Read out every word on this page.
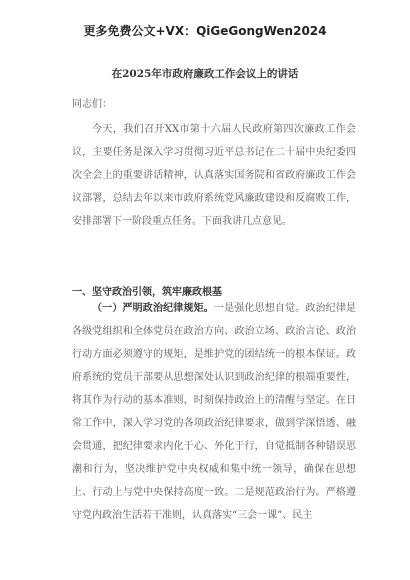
更多免费公文+VX：QiGeGongWen2024
在2025年市政府廉政工作会议上的讲话
同志们：

今天，我们召开XX市第十六届人民政府第四次廉政工作会议，主要任务是深入学习贯彻习近平总书记在二十届中央纪委四次全会上的重要讲话精神，认真落实国务院和省政府廉政工作会议部署，总结去年以来市政府系统党风廉政建设和反腐败工作，安排部署下一阶段重点任务。下面我讲几点意见。

一、坚守政治引领，筑牢廉政根基

（一）严明政治纪律规矩。一是强化思想自觉。政治纪律是各级党组织和全体党员在政治方向、政治立场、政治言论、政治行动方面必须遵守的规矩，是维护党的团结统一的根本保证。政府系统的党员干部要从思想深处认识到政治纪律的根端重要性，将其作为行动的基本准则，时刻保持政治上的清醒与坚定。在日常工作中，深入学习党的各项政治纪律要求，做到学深悟透、融会贯通，把纪律要求内化于心、外化于行，自觉抵制各种错误思潮和行为，坚决维护党中央权威和集中统一领导，确保在思想上、行动上与党中央保持高度一致。二是规范政治行为。严格遵守党内政治生活若干准则，认真落实“三会一课”、民主
